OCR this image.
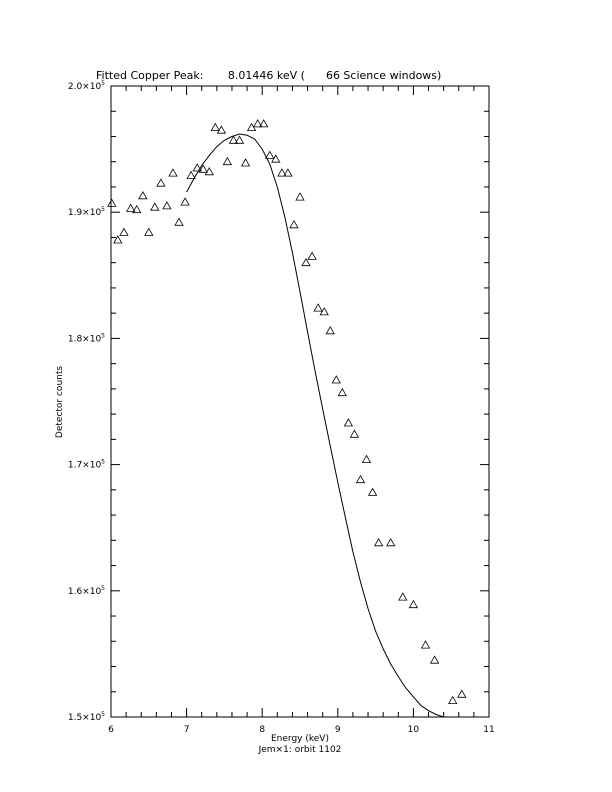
Fitted Copper Peak:       8.01446 keV (      66 Science windows)
6	7	8	9	10	11
$1.5\times 10^5$
$1.6\times 10^5$
$1.7\times 10^5$
$1.8\times 10^5$
$1.9\times 10^5$
$2.0\times 10^5$
Energy (keV)
Jem×1: orbit 1102
Detector counts
